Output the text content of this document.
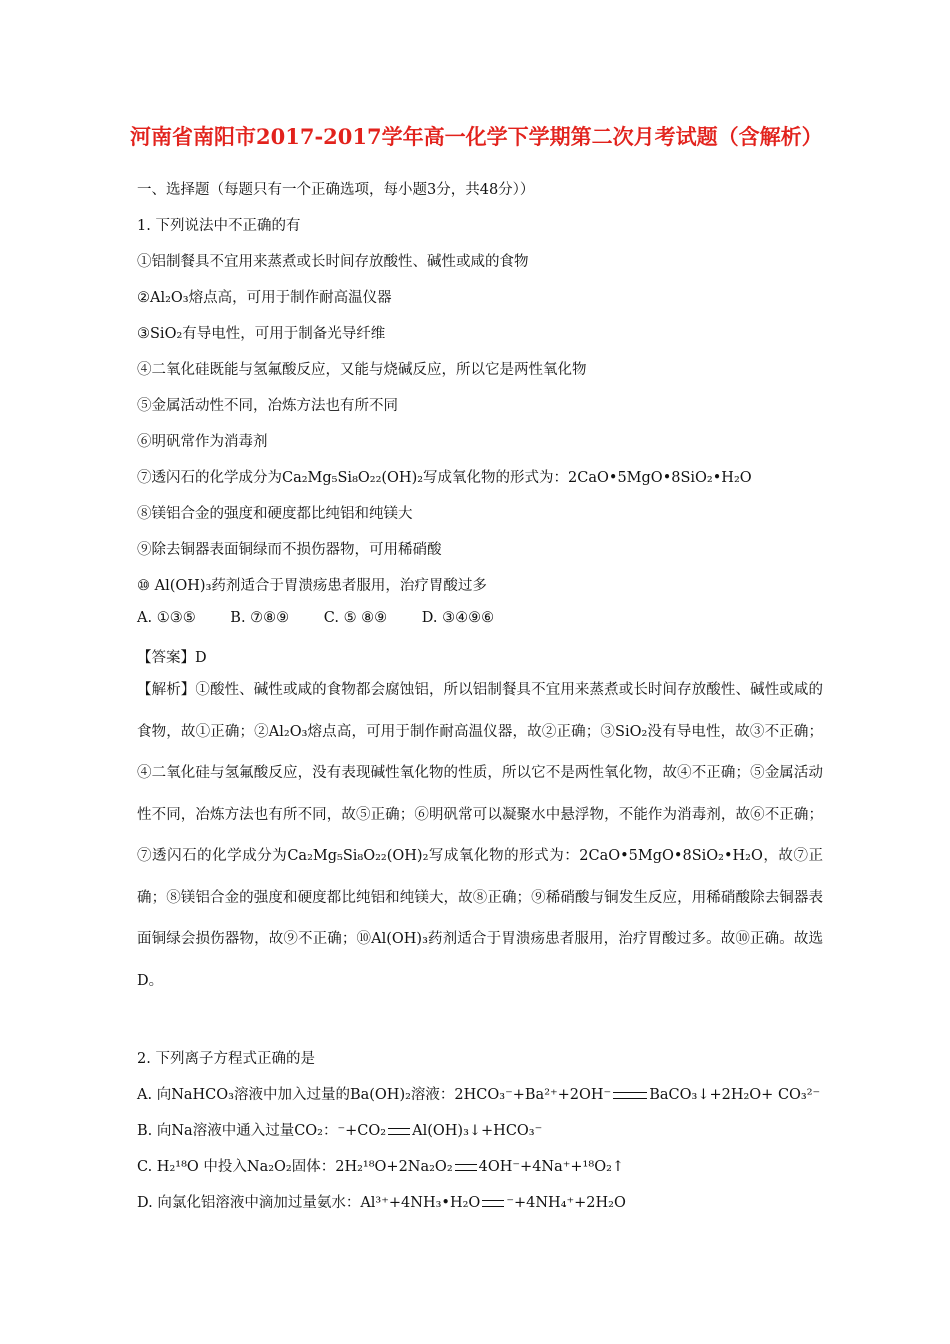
河南省南阳市2017-2017学年高一化学下学期第二次月考试题（含解析）
一、选择题（每题只有一个正确选项，每小题3分，共48分））
1. 下列说法中不正确的有
①铝制餐具不宜用来蒸煮或长时间存放酸性、碱性或咸的食物
②Al₂O₃熔点高，可用于制作耐高温仪器
③SiO₂有导电性，可用于制备光导纤维
④二氧化硅既能与氢氟酸反应，又能与烧碱反应，所以它是两性氧化物
⑤金属活动性不同，冶炼方法也有所不同
⑥明矾常作为消毒剂
⑦透闪石的化学成分为Ca₂Mg₅Si₈O₂₂(OH)₂写成氧化物的形式为：2CaO•5MgO•8SiO₂•H₂O
⑧镁铝合金的强度和硬度都比纯铝和纯镁大
⑨除去铜器表面铜绿而不损伤器物，可用稀硝酸
⑩ Al(OH)₃药剂适合于胃溃疡患者服用，治疗胃酸过多
A. ①③⑤ B. ⑦⑧⑨ C. ⑤ ⑧⑨ D. ③④⑨⑥
【答案】D
【解析】①酸性、碱性或咸的食物都会腐蚀铝，所以铝制餐具不宜用来蒸煮或长时间存放酸性、碱性或咸的食物，故①正确；②Al₂O₃熔点高，可用于制作耐高温仪器，故②正确；③SiO₂没有导电性，故③不正确；④二氧化硅与氢氟酸反应，没有表现碱性氧化物的性质，所以它不是两性氧化物，故④不正确；⑤金属活动性不同，冶炼方法也有所不同，故⑤正确；⑥明矾常可以凝聚水中悬浮物，不能作为消毒剂，故⑥不正确；⑦透闪石的化学成分为Ca₂Mg₅Si₈O₂₂(OH)₂写成氧化物的形式为：2CaO•5MgO•8SiO₂•H₂O，故⑦正确；⑧镁铝合金的强度和硬度都比纯铝和纯镁大，故⑧正确；⑨稀硝酸与铜发生反应，用稀硝酸除去铜器表面铜绿会损伤器物，故⑨不正确；⑩Al(OH)₃药剂适合于胃溃疡患者服用，治疗胃酸过多。故⑩正确。故选D。
2. 下列离子方程式正确的是
A. 向NaHCO₃溶液中加入过量的Ba(OH)₂溶液：2HCO₃⁻+Ba²⁺+2OH⁻	BaCO₃↓+2H₂O+ CO₃²⁻
B. 向Na溶液中通入过量CO₂：⁻+CO₂ Al(OH)₃↓+HCO₃⁻
C. H₂¹⁸O 中投入Na₂O₂固体：2H₂¹⁸O+2Na₂O₂ 4OH⁻+4Na⁺+¹⁸O₂↑
D. 向氯化铝溶液中滴加过量氨水：Al³⁺+4NH₃•H₂O ⁻+4NH₄⁺+2H₂O
